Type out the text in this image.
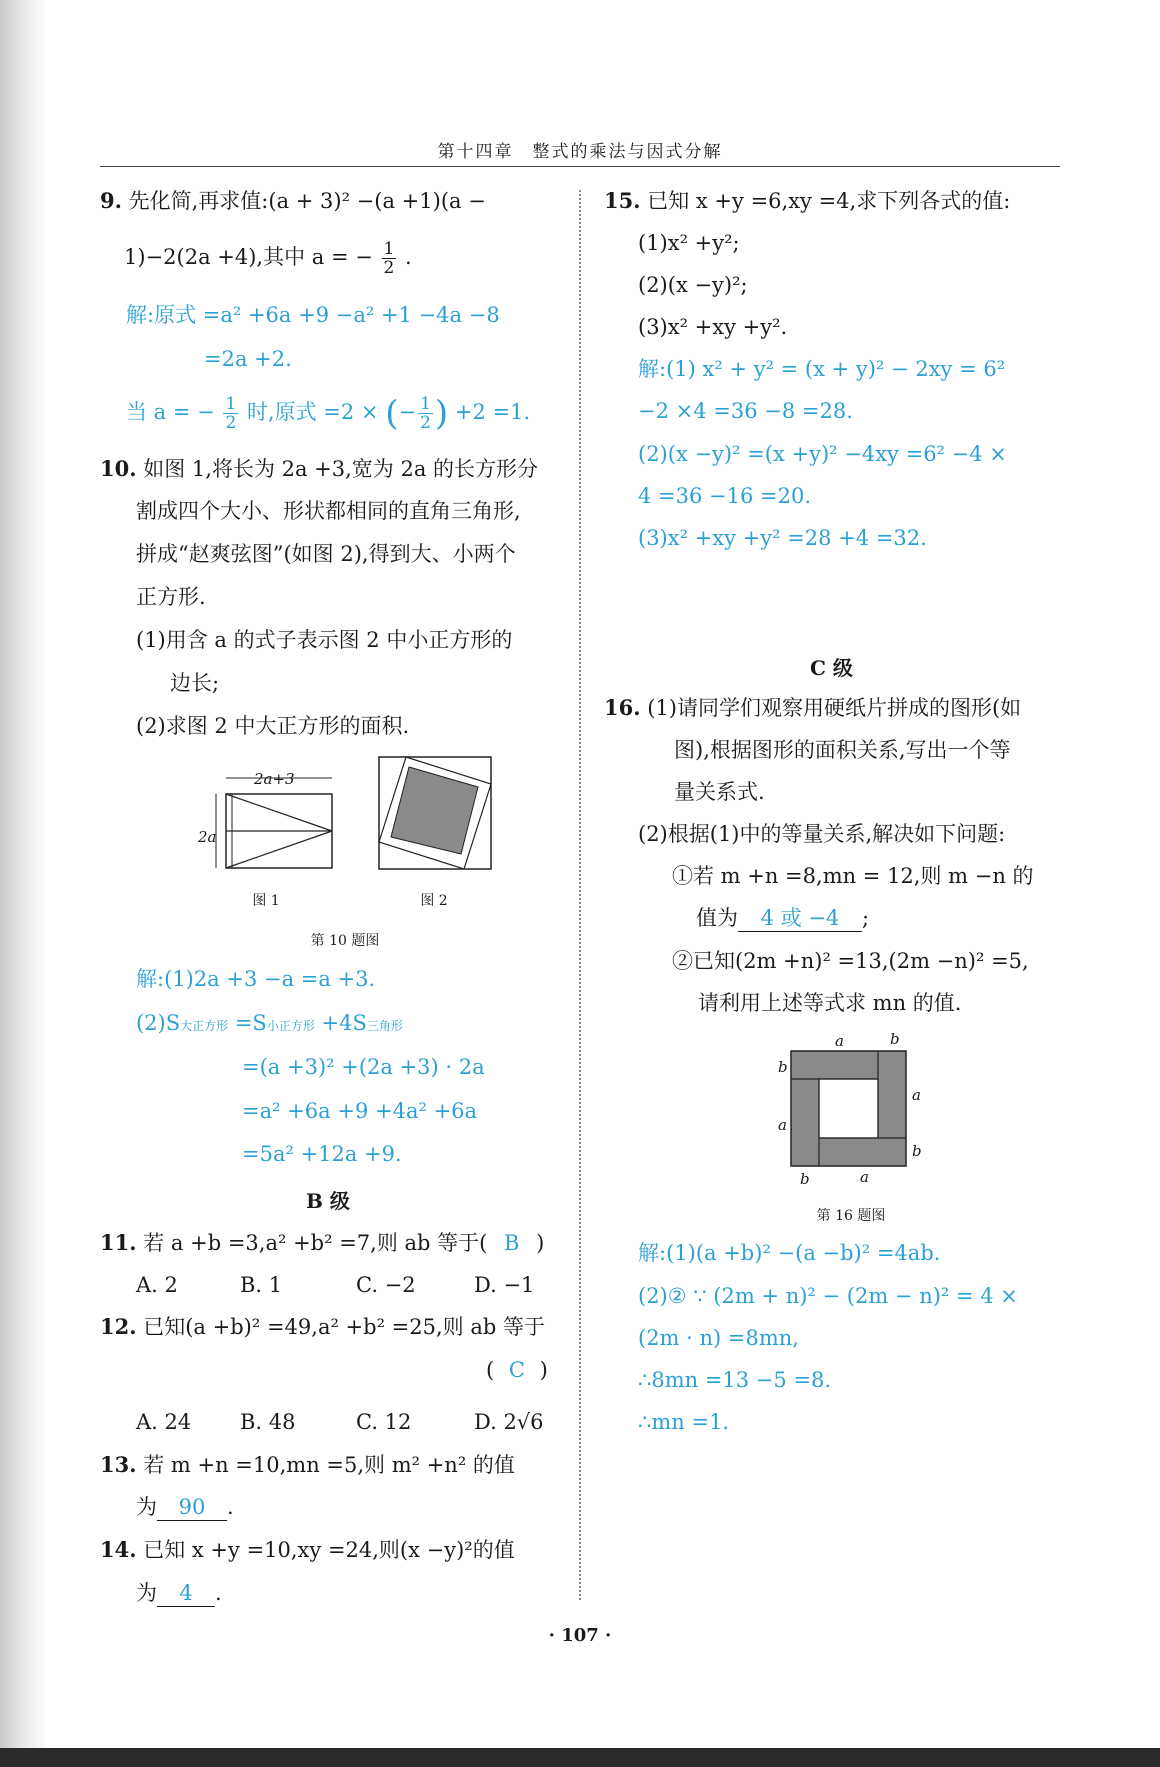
第十四章　整式的乘法与因式分解
9. 先化简,再求值:(a + 3)² −(a +1)(a −
1)−2(2a +4),其中 a = − $\frac{1}{2}$ .
解:原式 =a² +6a +9 −a² +1 −4a −8
=2a +2.
当 a = − $\frac{1}{2}$ 时,原式 =2 × (− $\frac{1}{2}$ ) +2 =1.
10. 如图 1,将长为 2a +3,宽为 2a 的长方形分
割成四个大小、形状都相同的直角三角形,
拼成“赵爽弦图”(如图 2),得到大、小两个
正方形.
(1)用含 a 的式子表示图 2 中小正方形的
边长;
(2)求图 2 中大正方形的面积.
2a+3
2a
图 1	图 2
第 10 题图
解:(1)2a +3 −a =a +3.
(2)S大正方形 =S小正方形 +4S三角形
=(a +3)² +(2a +3) · 2a
=a² +6a +9 +4a² +6a
=5a² +12a +9.
B 级
11. 若 a +b =3,a² +b² =7,则 ab 等于( B )
A. 2	B. 1	C. −2	D. −1
12. 已知(a +b)² =49,a² +b² =25,则 ab 等于
( C )
A. 24 B. 48	C. 12	D. 2√6
13. 若 m +n =10,mn =5,则 m² +n² 的值
为 90 .
14. 已知 x +y =10,xy =24,则(x −y)²的值
为 4 .
15. 已知 x +y =6,xy =4,求下列各式的值:
(1)x² +y²;
(2)(x −y)²;
(3)x² +xy +y².
解:(1) x² + y² = (x + y)² − 2xy = 6²
−2 ×4 =36 −8 =28.
(2)(x −y)² =(x +y)² −4xy =6² −4 ×
4 =36 −16 =20.
(3)x² +xy +y² =28 +4 =32.
C 级
16. (1)请同学们观察用硬纸片拼成的图形(如
图),根据图形的面积关系,写出一个等
量关系式.
(2)根据(1)中的等量关系,解决如下问题:
①若 m +n =8,mn = 12,则 m −n 的
值为 4 或 −4 ;
②已知(2m +n)² =13,(2m −n)² =5,
请利用上述等式求 mn 的值.
a	b
b
a
a
b
b	a
第 16 题图
解:(1)(a +b)² −(a −b)² =4ab.
(2)② ∵ (2m + n)² − (2m − n)² = 4 ×
(2m · n) =8mn,
∴8mn =13 −5 =8.
∴mn =1.
· 107 ·
